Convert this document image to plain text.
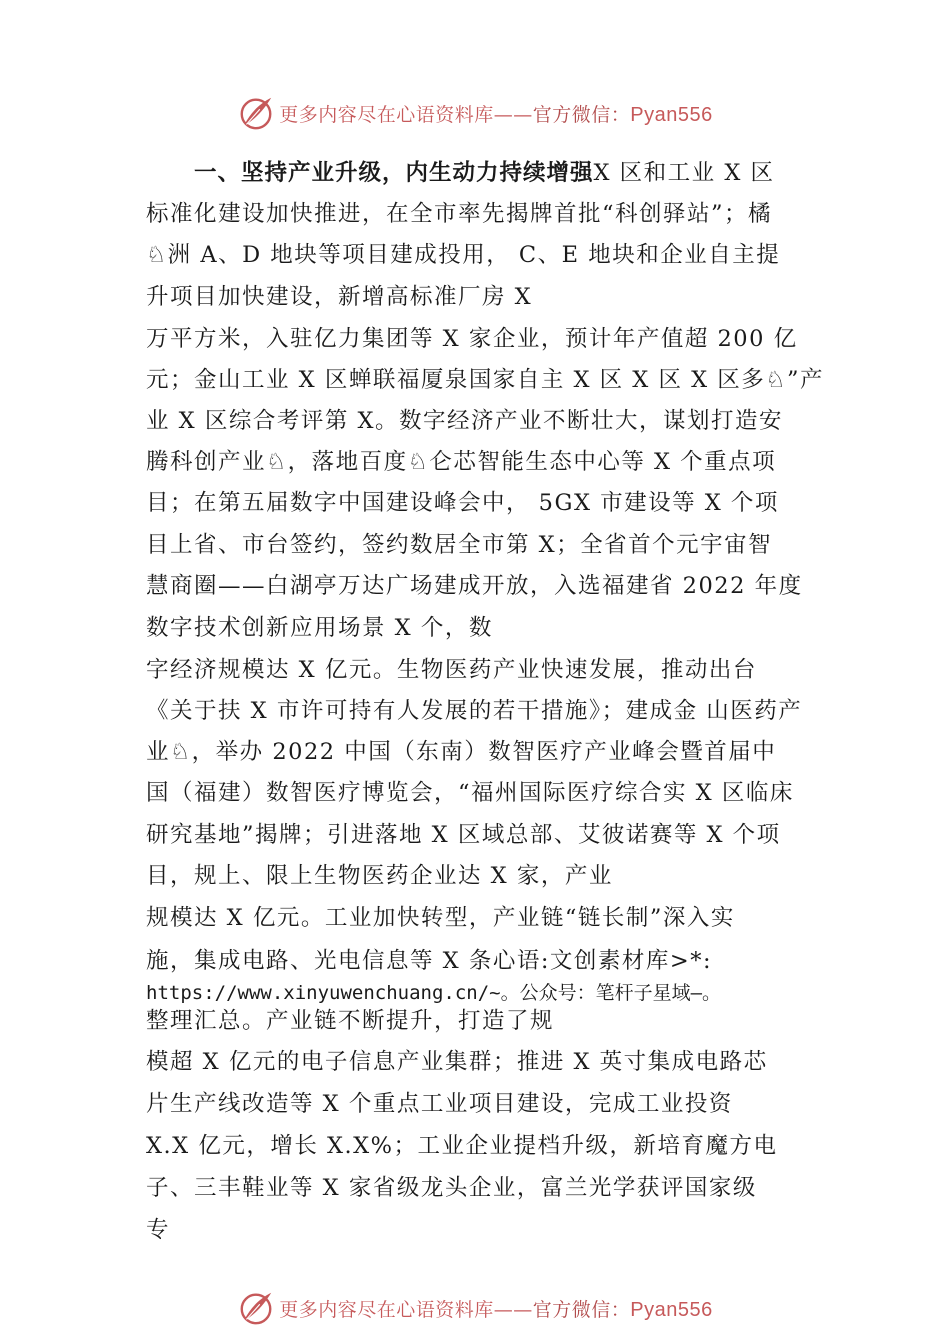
更多内容尽在心语资料库——官方微信：Pyan556
一、坚持产业升级，内生动力持续增强X 区和工业 X 区
标准化建设加快推进，在全市率先揭牌首批“科创驿站”；橘
♘洲 A、D 地块等项目建成投用， C、E 地块和企业自主提
升项目加快建设，新增高标准厂房 X
万平方米，入驻亿力集团等 X 家企业，预计年产值超 200 亿
元；金山工业 X 区蝉联福厦泉国家自主 X 区 X 区 X 区多♘”产
业 X 区综合考评第 X。数字经济产业不断壮大，谋划打造安
腾科创产业♘，落地百度♘仑芯智能生态中心等 X 个重点项
目；在第五届数字中国建设峰会中， 5GX 市建设等 X 个项
目上省、市台签约，签约数居全市第 X；全省首个元宇宙智
慧商圈——白湖亭万达广场建成开放，入选福建省 2022 年度
数字技术创新应用场景 X 个，数
字经济规模达 X 亿元。生物医药产业快速发展，推动出台
《关于扶 X 市许可持有人发展的若干措施》；建成金 山医药产
业♘，举办 2022 中国（东南）数智医疗产业峰会暨首届中
国（福建）数智医疗博览会，“福州国际医疗综合实 X 区临床
研究基地”揭牌；引进落地 X 区域总部、艾彼诺赛等 X 个项
目，规上、限上生物医药企业达 X 家，产业
规模达 X 亿元。工业加快转型，产业链“链长制”深入实
施，集成电路、光电信息等 X 条心语:文创素材库>*:
https://www.xinyuwenchuang.cn/~。公众号：笔杆子星域—。
整理汇总。产业链不断提升，打造了规
模超 X 亿元的电子信息产业集群；推进 X 英寸集成电路芯
片生产线改造等 X 个重点工业项目建设，完成工业投资
X.X 亿元，增长 X.X%；工业企业提档升级，新培育魔方电
子、三丰鞋业等 X 家省级龙头企业，富兰光学获评国家级
专
更多内容尽在心语资料库——官方微信：Pyan556
